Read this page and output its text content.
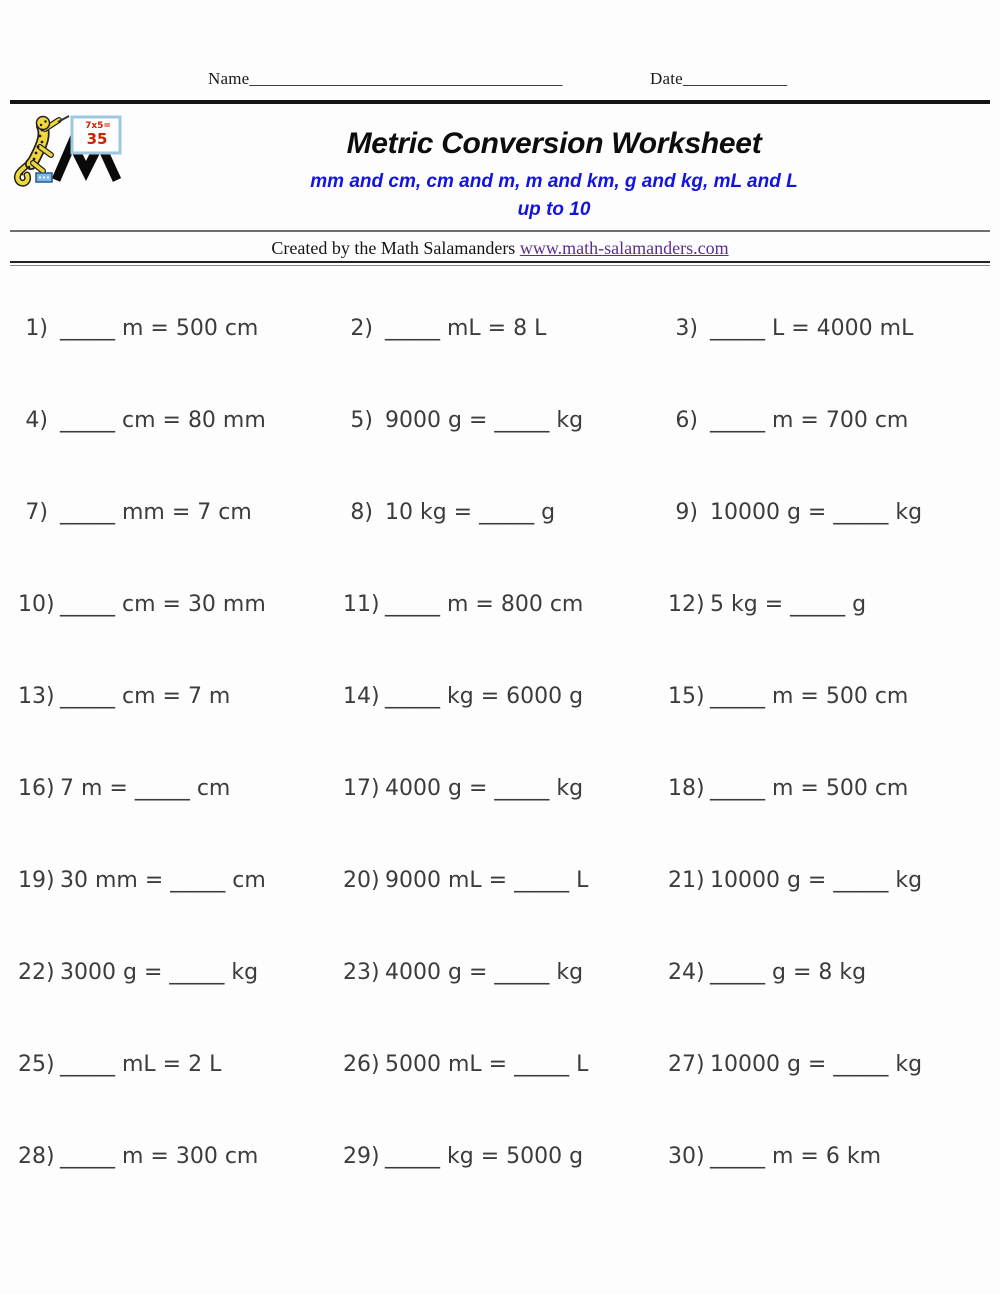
Name____________________________________	Date____________
7x5=
35	Metric Conversion Worksheet
mm and cm, cm and m, m and km, g and kg, mL and L
up to 10
Created by the Math Salamanders www.math-salamanders.com
1) _____ m = 500 cm	2) _____ mL = 8 L	3) _____ L = 4000 mL
4) _____ cm = 80 mm	5) 9000 g = _____ kg	6) _____ m = 700 cm
7) _____ mm = 7 cm	8) 10 kg = _____ g	9) 10000 g = _____ kg
10) _____ cm = 30 mm	11) _____ m = 800 cm	12) 5 kg = _____ g
13) _____ cm = 7 m	14) _____ kg = 6000 g	15) _____ m = 500 cm
16) 7 m = _____ cm	17) 4000 g = _____ kg	18) _____ m = 500 cm
19) 30 mm = _____ cm	20) 9000 mL = _____ L	21) 10000 g = _____ kg
22) 3000 g = _____ kg	23) 4000 g = _____ kg	24) _____ g = 8 kg
25) _____ mL = 2 L	26) 5000 mL = _____ L	27) 10000 g = _____ kg
28) _____ m = 300 cm	29) _____ kg = 5000 g	30) _____ m = 6 km
